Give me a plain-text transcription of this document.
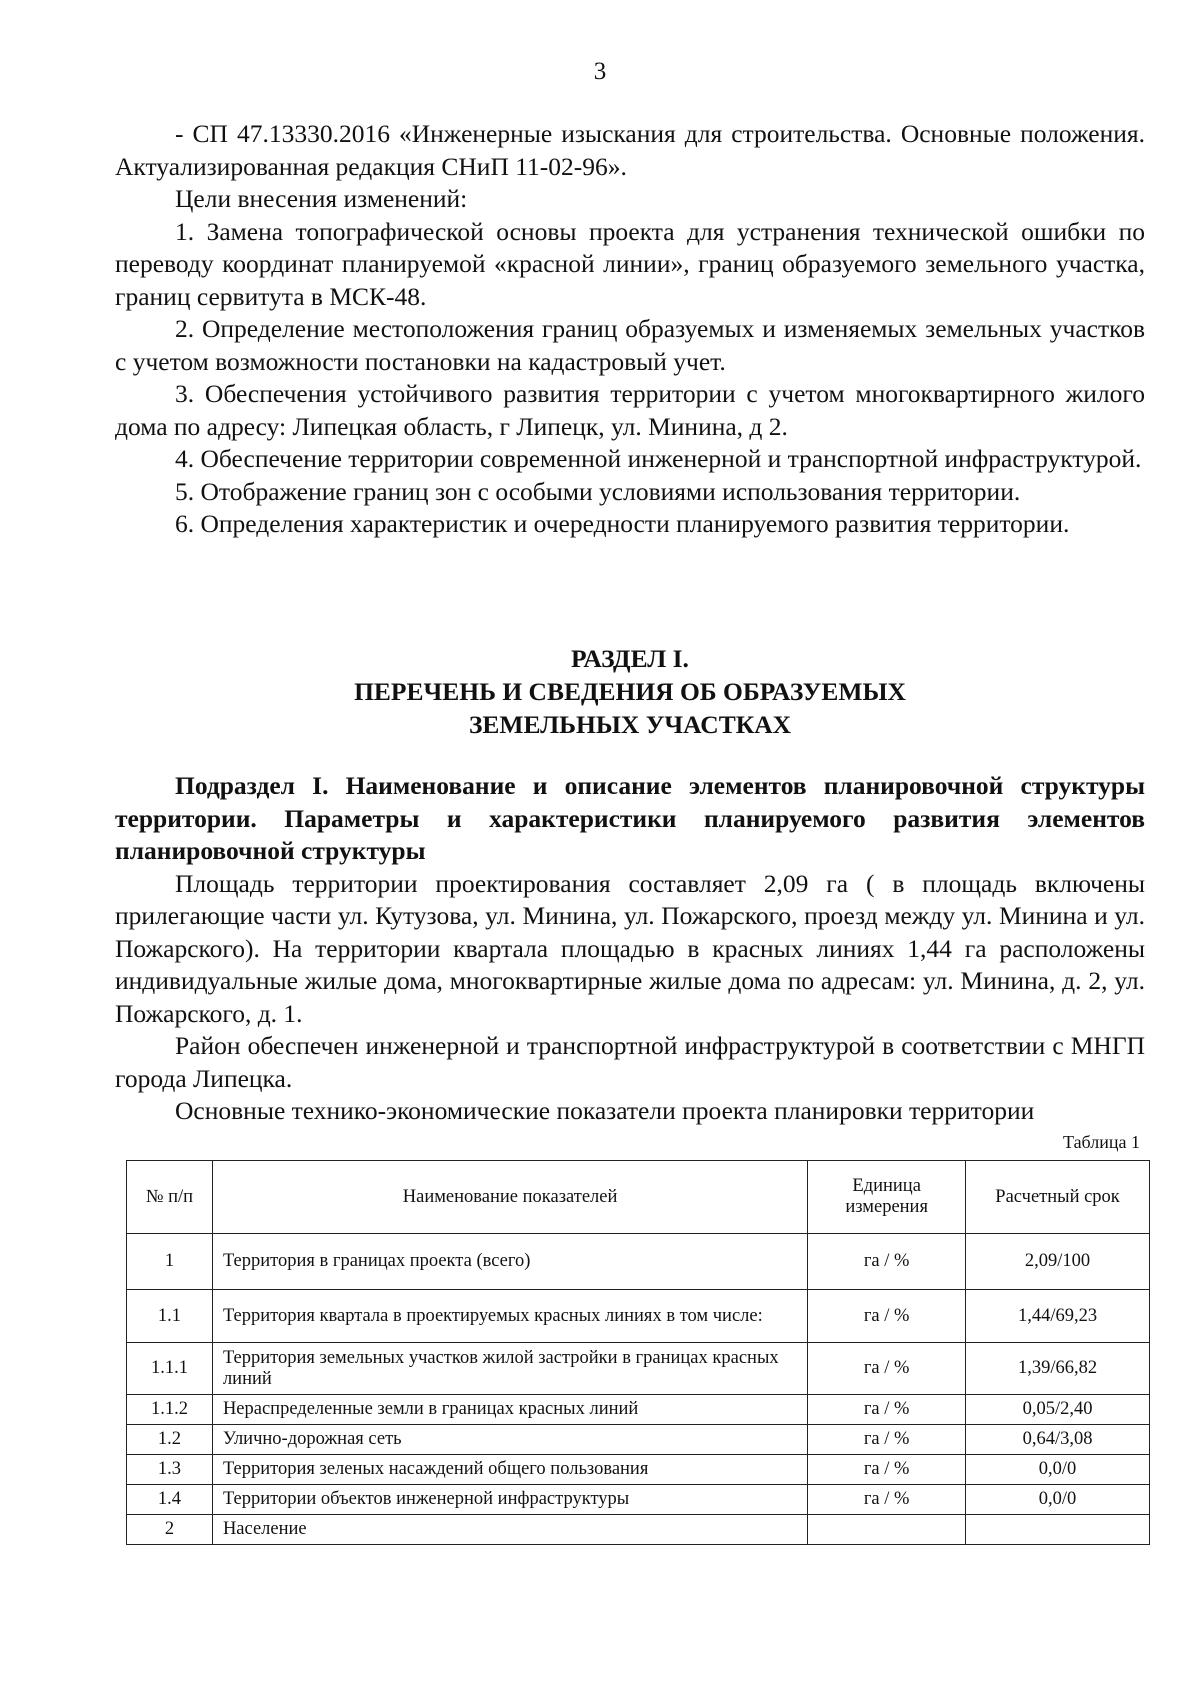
3

- СП 47.13330.2016 «Инженерные изыскания для строительства. Основные положения. Актуализированная редакция СНиП 11-02-96».

Цели внесения изменений:

1. Замена топографической основы проекта для устранения технической ошибки по переводу координат планируемой «красной линии», границ образуемого земельного участка, границ сервитута в МСК-48.

2. Определение местоположения границ образуемых и изменяемых земельных участков с учетом возможности постановки на кадастровый учет.

3. Обеспечения устойчивого развития территории с учетом многоквартирного жилого дома по адресу: Липецкая область, г Липецк, ул. Минина, д 2.

4. Обеспечение территории современной инженерной и транспортной инфраструктурой.

5. Отображение границ зон с особыми условиями использования территории.

6. Определения характеристик и очередности планируемого развития территории.

РАЗДЕЛ I.
ПЕРЕЧЕНЬ И СВЕДЕНИЯ ОБ ОБРАЗУЕМЫХ
ЗЕМЕЛЬНЫХ УЧАСТКАХ

Подраздел I. Наименование и описание элементов планировочной структуры территории. Параметры и характеристики планируемого развития элементов планировочной структуры

Площадь территории проектирования составляет 2,09 га ( в площадь включены прилегающие части ул. Кутузова, ул. Минина, ул. Пожарского, проезд между ул. Минина и ул. Пожарского). На территории квартала площадью в красных линиях 1,44 га расположены индивидуальные жилые дома, многоквартирные жилые дома по адресам: ул. Минина, д. 2, ул. Пожарского, д. 1.

Район обеспечен инженерной и транспортной инфраструктурой в соответствии с МНГП города Липецка.

Основные технико-экономические показатели проекта планировки территории

Таблица 1
№ п/п	Наименование показателей	Единица измерения	Расчетный срок
1	Территория в границах проекта (всего)	га / %	2,09/100
1.1	Территория квартала в проектируемых красных линиях в том числе:	га / %	1,44/69,23
1.1.1	Территория земельных участков жилой застройки в границах красных линий	га / %	1,39/66,82
1.1.2	Нераспределенные земли в границах красных линий	га / %	0,05/2,40
1.2	Улично-дорожная сеть	га / %	0,64/3,08
1.3	Территория зеленых насаждений общего пользования	га / %	0,0/0
1.4	Территории объектов инженерной инфраструктуры	га / %	0,0/0
2	Население		
